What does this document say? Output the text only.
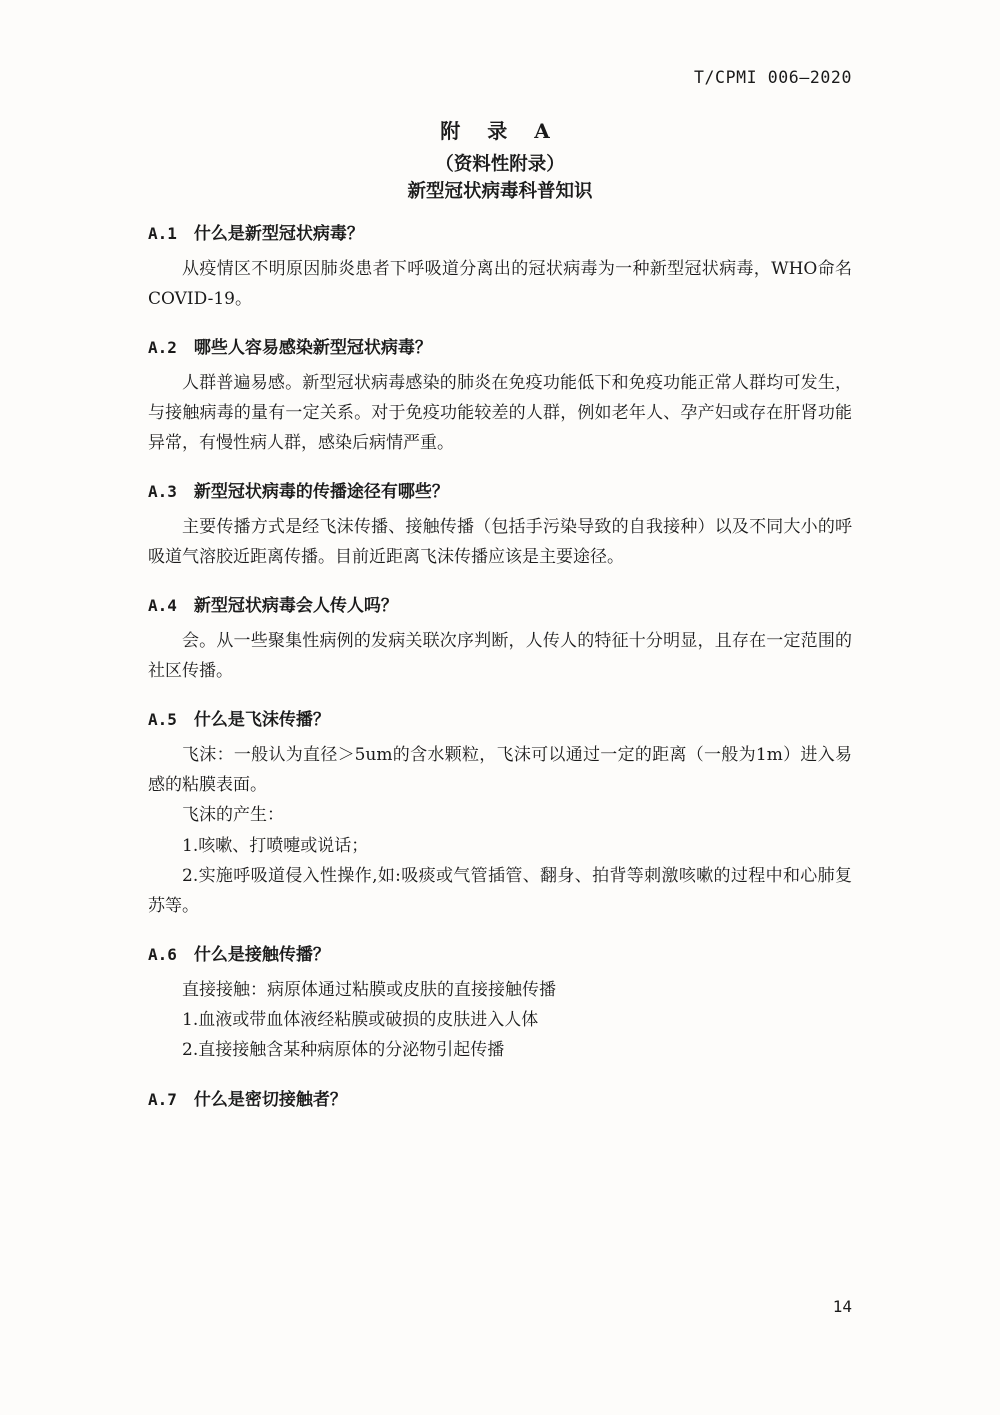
T/CPMI 006—2020
附 录 A
（资料性附录）
新型冠状病毒科普知识
A.1 什么是新型冠状病毒？

从疫情区不明原因肺炎患者下呼吸道分离出的冠状病毒为一种新型冠状病毒，WHO命名COVID-19。

A.2 哪些人容易感染新型冠状病毒？

人群普遍易感。新型冠状病毒感染的肺炎在免疫功能低下和免疫功能正常人群均可发生，与接触病毒的量有一定关系。对于免疫功能较差的人群，例如老年人、孕产妇或存在肝肾功能异常，有慢性病人群，感染后病情严重。

A.3 新型冠状病毒的传播途径有哪些？

主要传播方式是经飞沫传播、接触传播（包括手污染导致的自我接种）以及不同大小的呼吸道气溶胶近距离传播。目前近距离飞沫传播应该是主要途径。

A.4 新型冠状病毒会人传人吗？

会。从一些聚集性病例的发病关联次序判断，人传人的特征十分明显，且存在一定范围的社区传播。

A.5 什么是飞沫传播？

飞沫：一般认为直径＞5um的含水颗粒，飞沫可以通过一定的距离（一般为1m）进入易感的粘膜表面。

飞沫的产生：

1.咳嗽、打喷嚏或说话；

2.实施呼吸道侵入性操作,如:吸痰或气管插管、翻身、拍背等刺激咳嗽的过程中和心肺复苏等。

A.6 什么是接触传播？

直接接触：病原体通过粘膜或皮肤的直接接触传播

1.血液或带血体液经粘膜或破损的皮肤进入人体

2.直接接触含某种病原体的分泌物引起传播

A.7 什么是密切接触者？
14
